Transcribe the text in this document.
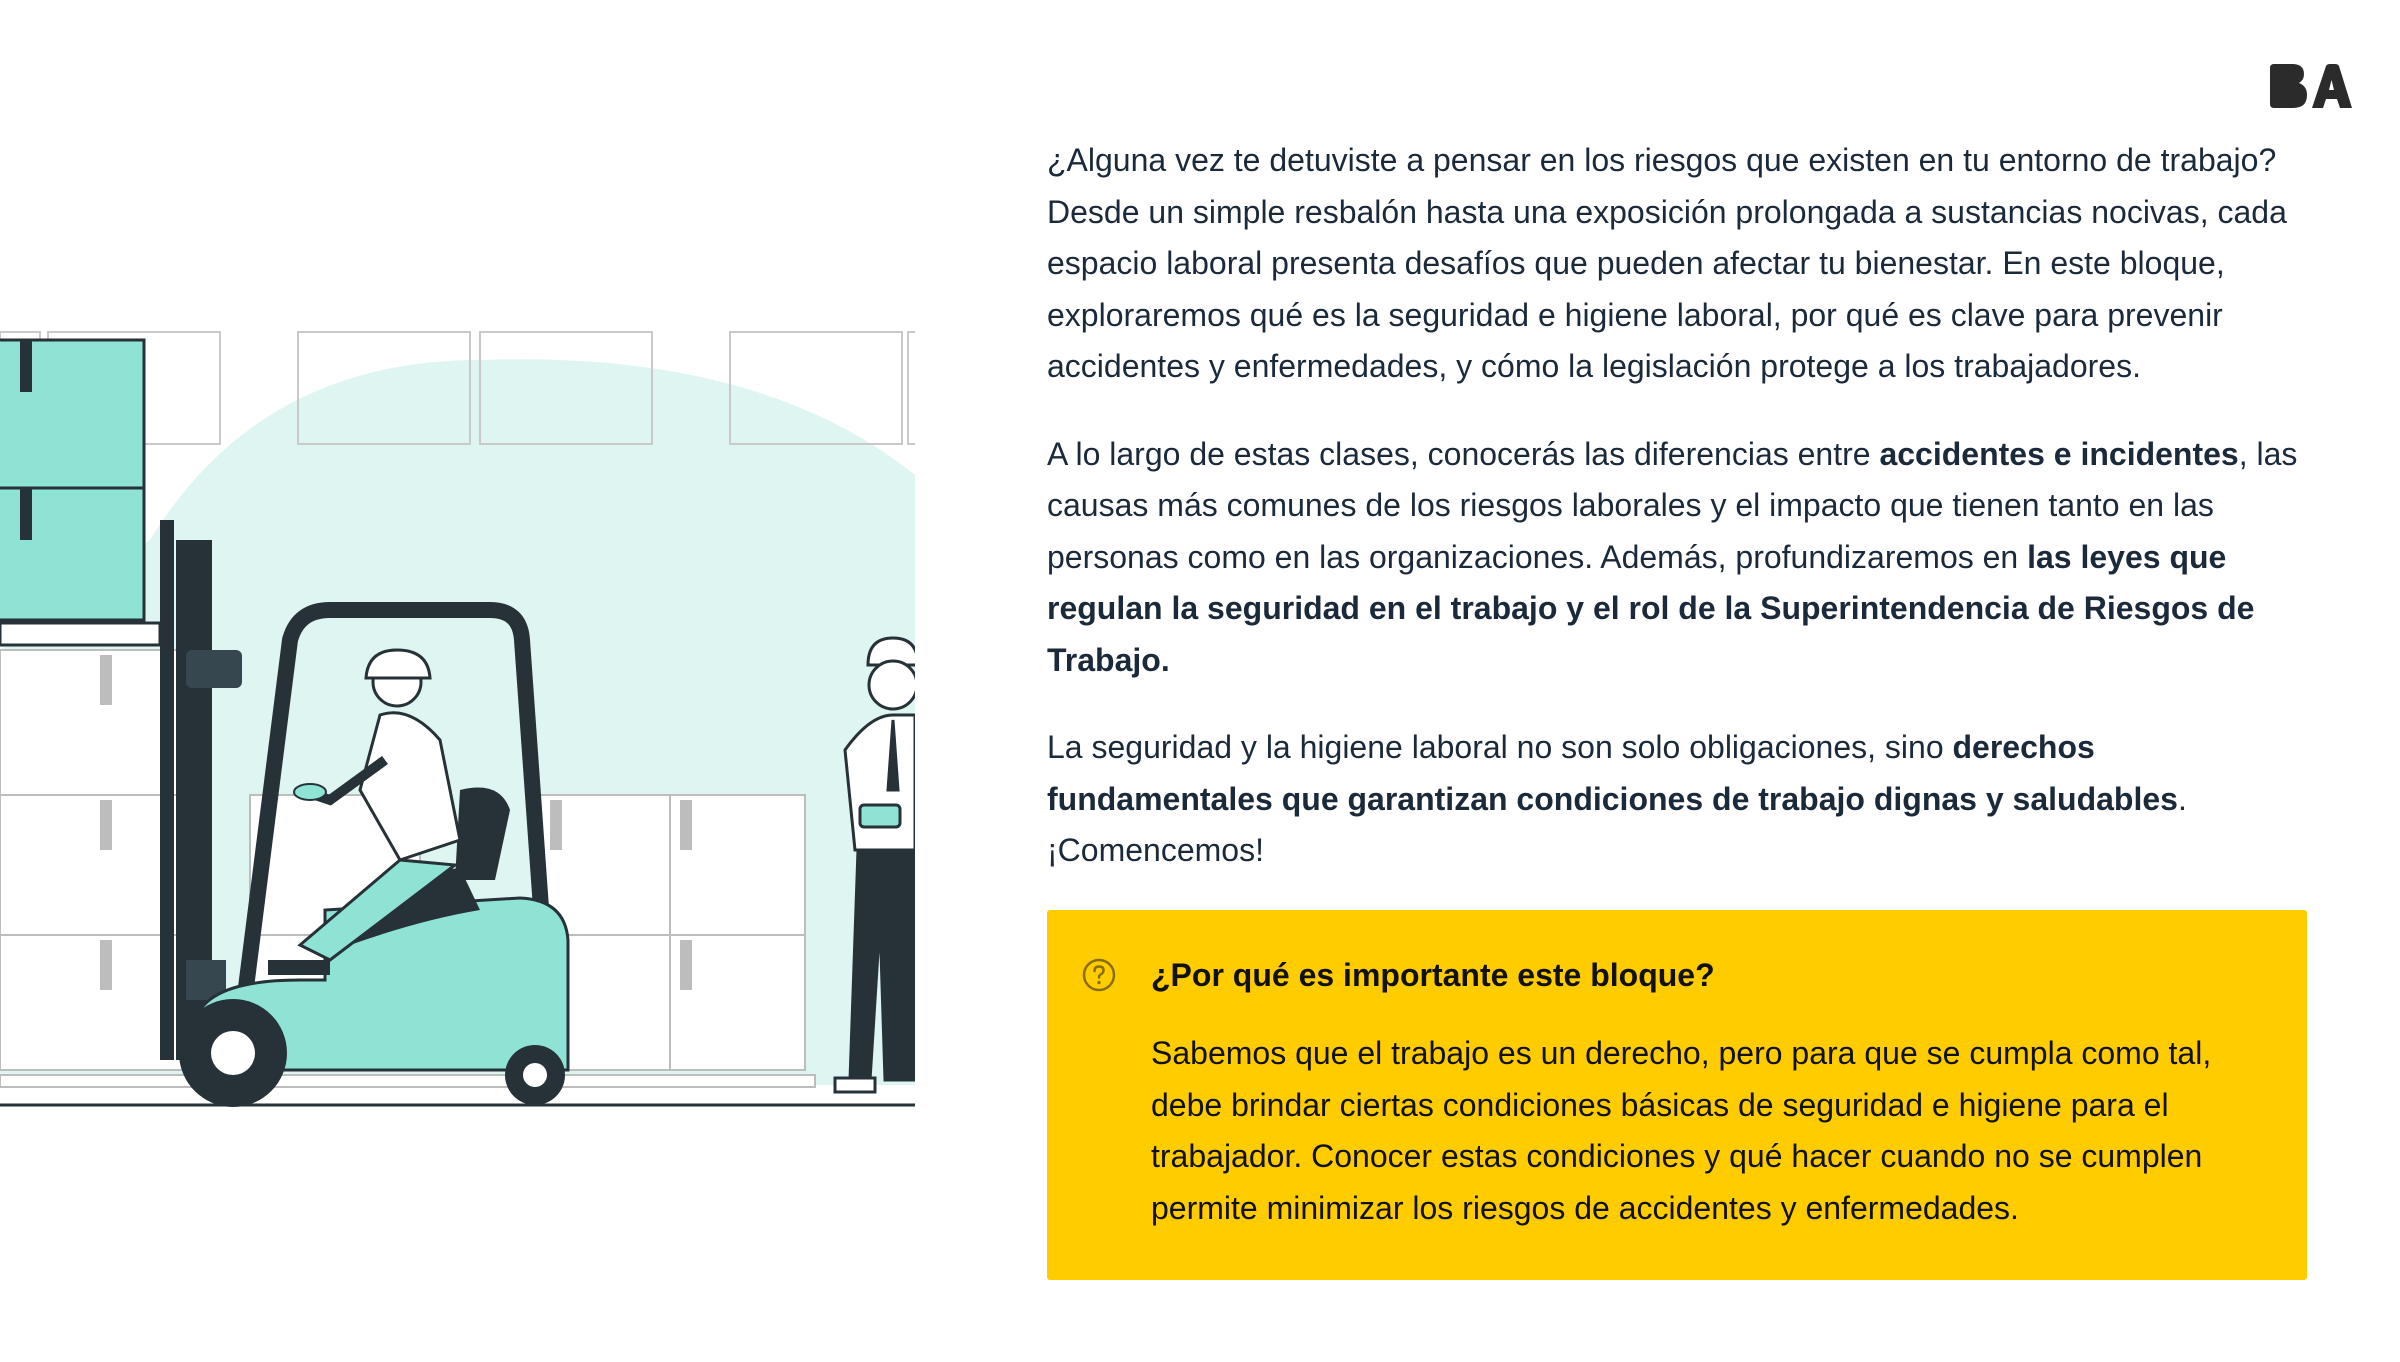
¿Alguna vez te detuviste a pensar en los riesgos que existen en tu entorno de trabajo? Desde un simple resbalón hasta una exposición prolongada a sustancias nocivas, cada espacio laboral presenta desafíos que pueden afectar tu bienestar. En este bloque, exploraremos qué es la seguridad e higiene laboral, por qué es clave para prevenir accidentes y enfermedades, y cómo la legislación protege a los trabajadores.

A lo largo de estas clases, conocerás las diferencias entre accidentes e incidentes, las causas más comunes de los riesgos laborales y el impacto que tienen tanto en las personas como en las organizaciones. Además, profundizaremos en las leyes que regulan la seguridad en el trabajo y el rol de la Superintendencia de Riesgos de Trabajo.

La seguridad y la higiene laboral no son solo obligaciones, sino derechos fundamentales que garantizan condiciones de trabajo dignas y saludables. ¡Comencemos!

¿Por qué es importante este bloque?

Sabemos que el trabajo es un derecho, pero para que se cumpla como tal, debe brindar ciertas condiciones básicas de seguridad e higiene para el trabajador. Conocer estas condiciones y qué hacer cuando no se cumplen permite minimizar los riesgos de accidentes y enfermedades.
